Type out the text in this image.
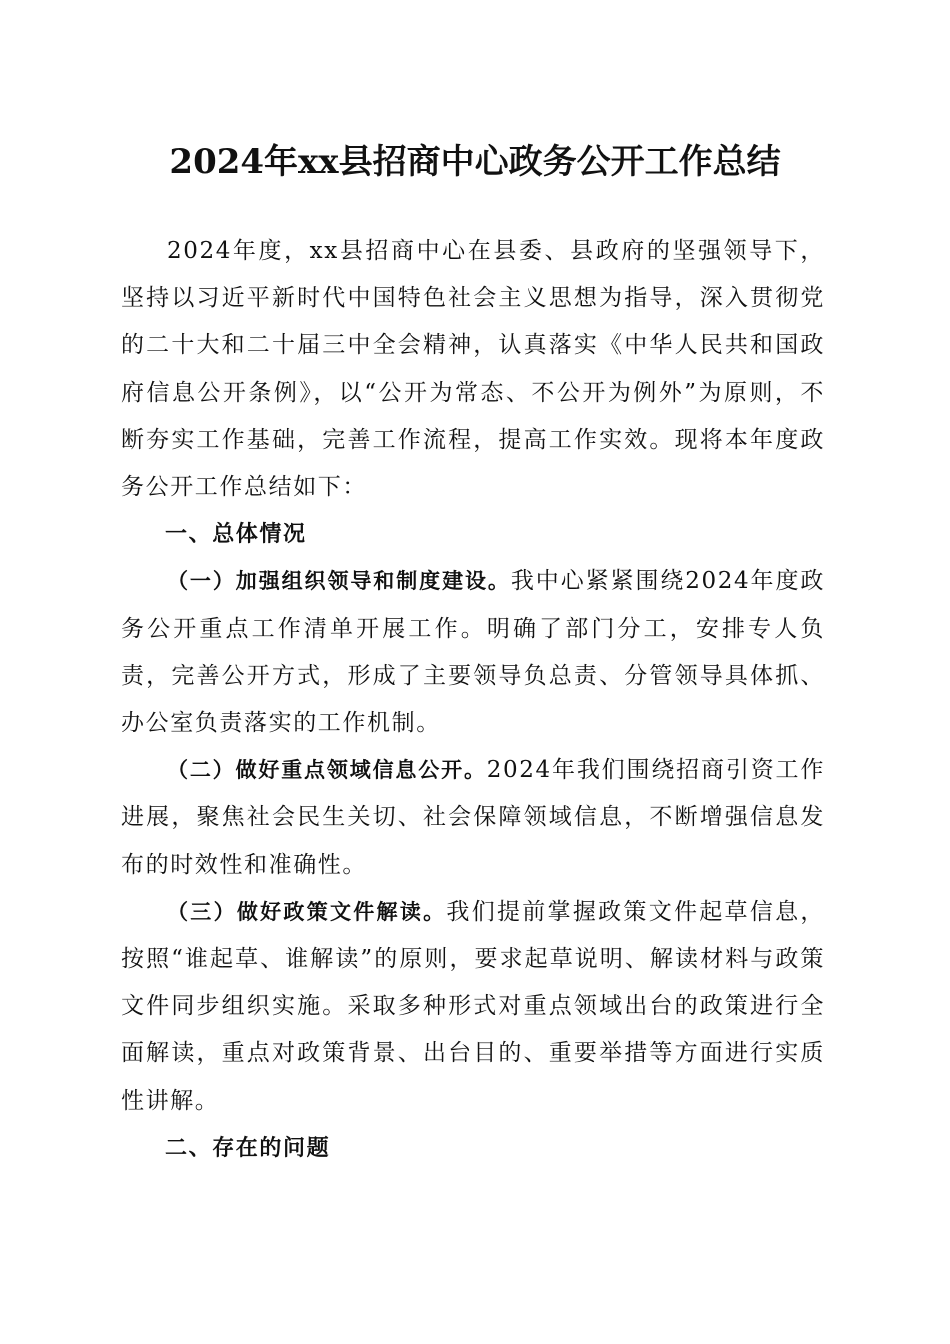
2024年xx县招商中心政务公开工作总结

2024年度，xx县招商中心在县委、县政府的坚强领导下，坚持以习近平新时代中国特色社会主义思想为指导，深入贯彻党的二十大和二十届三中全会精神，认真落实《中华人民共和国政府信息公开条例》，以“公开为常态、不公开为例外”为原则，不断夯实工作基础，完善工作流程，提高工作实效。现将本年度政务公开工作总结如下：

一、总体情况

（一）加强组织领导和制度建设。我中心紧紧围绕2024年度政务公开重点工作清单开展工作。明确了部门分工，安排专人负责，完善公开方式，形成了主要领导负总责、分管领导具体抓、办公室负责落实的工作机制。

（二）做好重点领域信息公开。2024年我们围绕招商引资工作进展，聚焦社会民生关切、社会保障领域信息，不断增强信息发布的时效性和准确性。

（三）做好政策文件解读。我们提前掌握政策文件起草信息，按照“谁起草、谁解读”的原则，要求起草说明、解读材料与政策文件同步组织实施。采取多种形式对重点领域出台的政策进行全面解读，重点对政策背景、出台目的、重要举措等方面进行实质性讲解。

二、存在的问题
